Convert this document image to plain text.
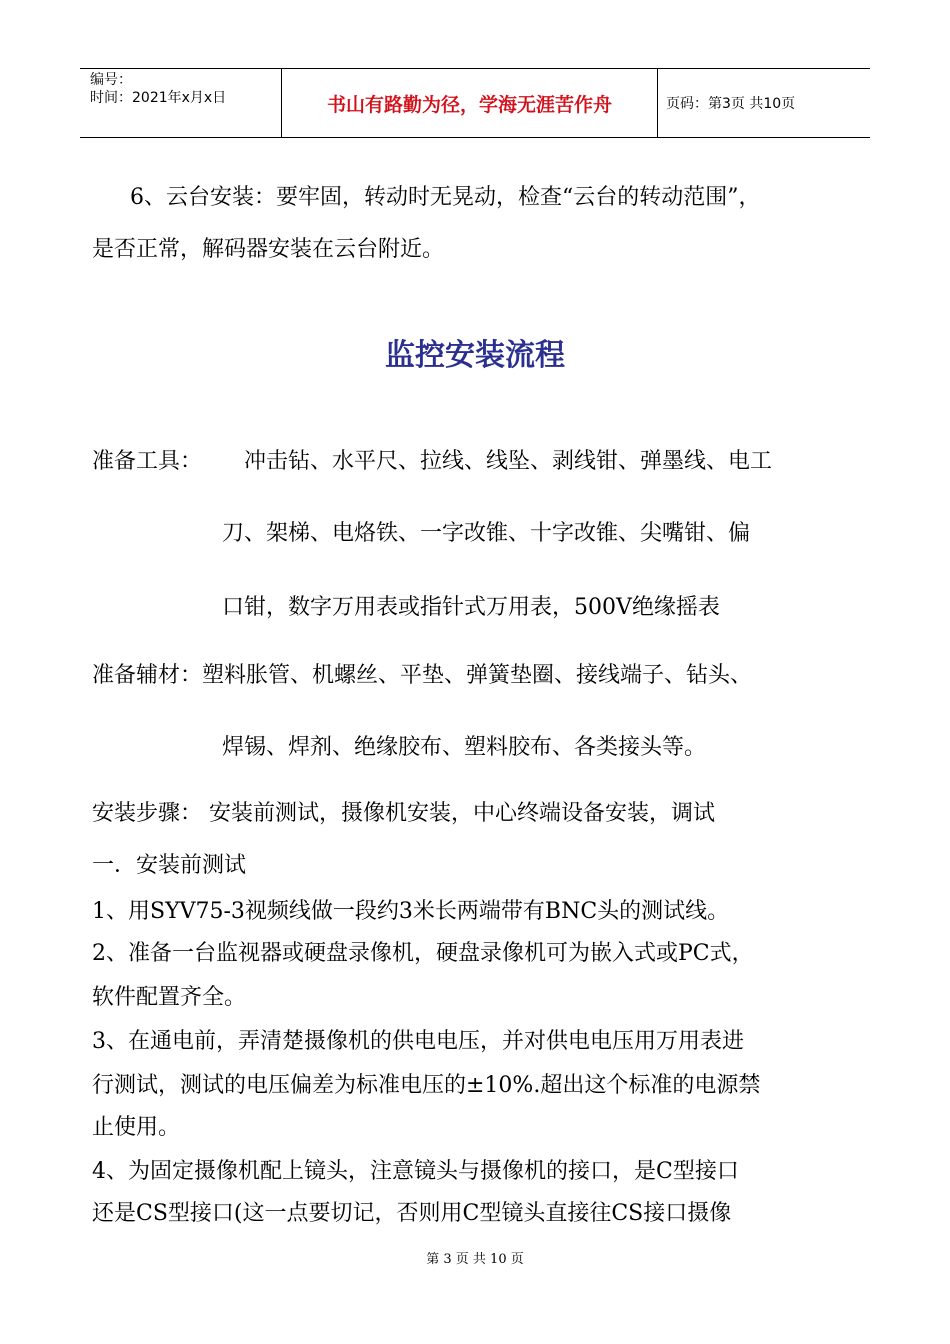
编号：
时间：2021年x月x日	书山有路勤为径，学海无涯苦作舟	页码：第3页 共10页
6、云台安装：要牢固，转动时无晃动，检查“云台的转动范围”，
是否正常，解码器安装在云台附近。
监控安装流程
准备工具： 冲击钻、水平尺、拉线、线坠、剥线钳、弹墨线、电工
刀、架梯、电烙铁、一字改锥、十字改锥、尖嘴钳、偏
口钳，数字万用表或指针式万用表，500V绝缘摇表
准备辅材：塑料胀管、机螺丝、平垫、弹簧垫圈、接线端子、钻头、
焊锡、焊剂、绝缘胶布、塑料胶布、各类接头等。
安装步骤： 安装前测试，摄像机安装，中心终端设备安装，调试
一．安装前测试
1、用SYV75-3视频线做一段约3米长两端带有BNC头的测试线。
2、准备一台监视器或硬盘录像机，硬盘录像机可为嵌入式或PC式，
软件配置齐全。
3、在通电前，弄清楚摄像机的供电电压，并对供电电压用万用表进
行测试，测试的电压偏差为标准电压的±10%.超出这个标准的电源禁
止使用。
4、为固定摄像机配上镜头，注意镜头与摄像机的接口，是C型接口
还是CS型接口(这一点要切记，否则用C型镜头直接往CS接口摄像
第 3 页 共 10 页
